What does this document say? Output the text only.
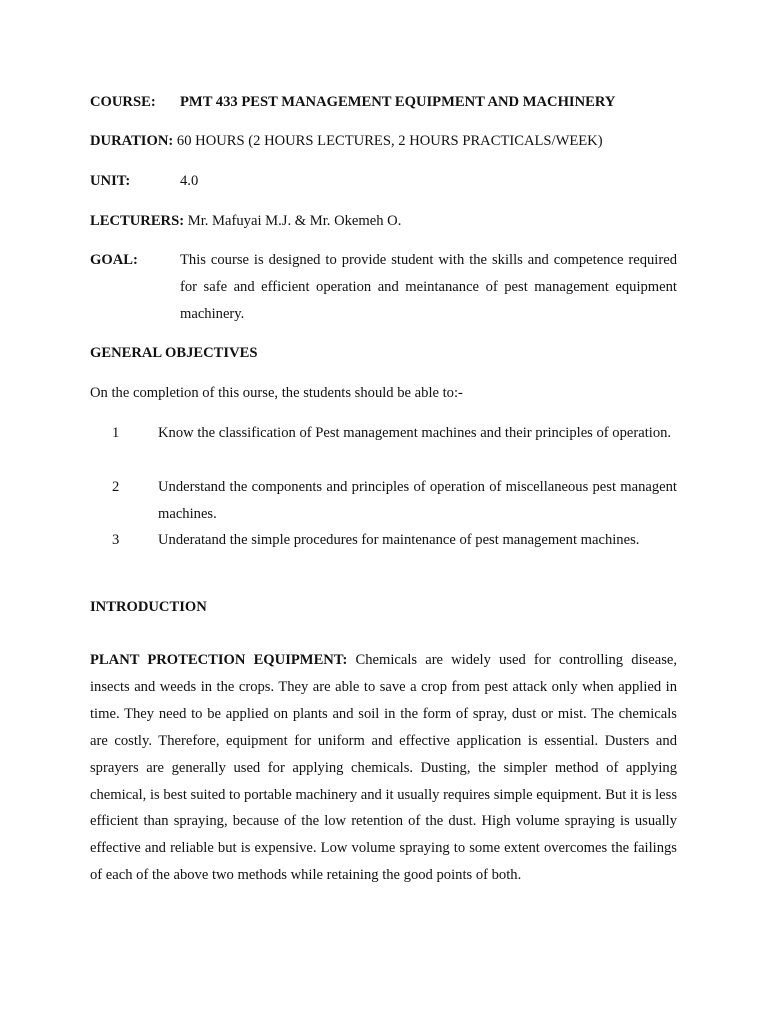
COURSE: PMT 433 PEST MANAGEMENT EQUIPMENT AND MACHINERY
DURATION: 60 HOURS (2 HOURS LECTURES, 2 HOURS PRACTICALS/WEEK)
UNIT:	4.0
LECTURERS: Mr. Mafuyai M.J. & Mr. Okemeh O.
GOAL:	This course is designed to provide student with the skills and competence required for safe and efficient operation and meintanance of pest management equipment machinery.
GENERAL OBJECTIVES
On the completion of this ourse, the students should be able to:-
1	Know the classification of Pest management machines and their principles of operation.
2	Understand the components and principles of operation of miscellaneous pest managent machines.
3	Underatand the simple procedures for maintenance of pest management machines.
INTRODUCTION
PLANT PROTECTION EQUIPMENT: Chemicals are widely used for controlling disease, insects and weeds in the crops. They are able to save a crop from pest attack only when applied in time. They need to be applied on plants and soil in the form of spray, dust or mist. The chemicals are costly. Therefore, equipment for uniform and effective application is essential. Dusters and sprayers are generally used for applying chemicals. Dusting, the simpler method of applying chemical, is best suited to portable machinery and it usually requires simple equipment. But it is less efficient than spraying, because of the low retention of the dust. High volume spraying is usually effective and reliable but is expensive. Low volume spraying to some extent overcomes the failings of each of the above two methods while retaining the good points of both.
